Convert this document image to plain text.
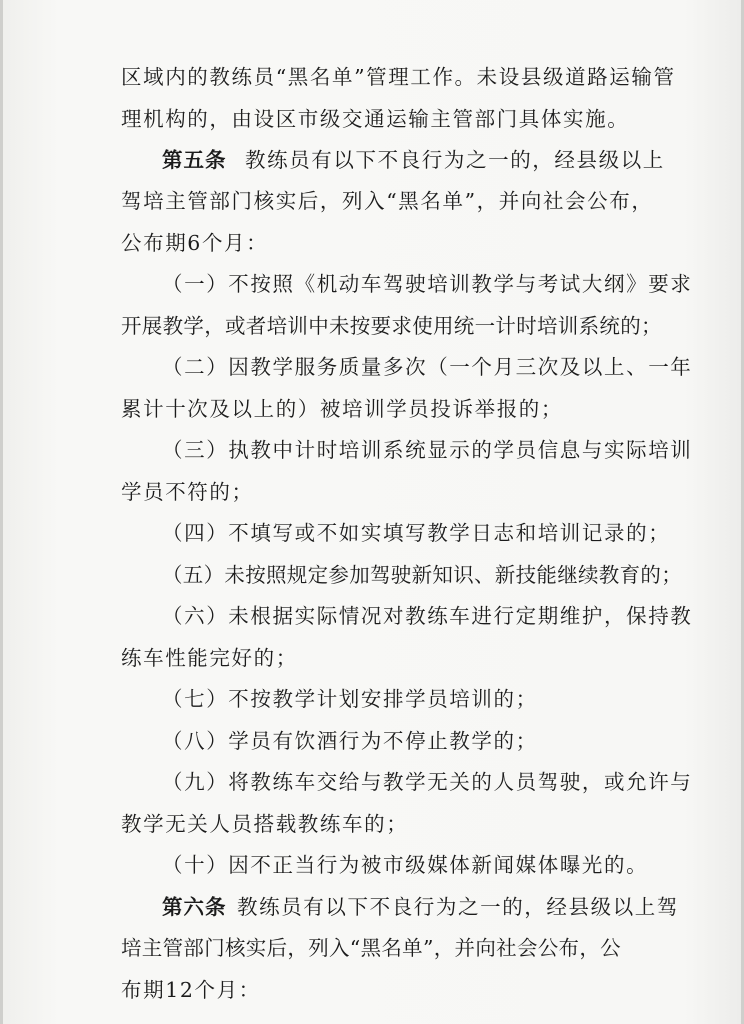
区域内的教练员“黑名单”管理工作。未设县级道路运输管
理机构的，由设区市级交通运输主管部门具体实施。
第五条 教练员有以下不良行为之一的，经县级以上
驾培主管部门核实后，列入“黑名单”，并向社会公布，
公布期6个月：
（一）不按照《机动车驾驶培训教学与考试大纲》要求
开展教学，或者培训中未按要求使用统一计时培训系统的；
（二）因教学服务质量多次（一个月三次及以上、一年
累计十次及以上的）被培训学员投诉举报的；
（三）执教中计时培训系统显示的学员信息与实际培训
学员不符的；
（四）不填写或不如实填写教学日志和培训记录的；
（五）未按照规定参加驾驶新知识、新技能继续教育的；
（六）未根据实际情况对教练车进行定期维护，保持教
练车性能完好的；
（七）不按教学计划安排学员培训的；
（八）学员有饮酒行为不停止教学的；
（九）将教练车交给与教学无关的人员驾驶，或允许与
教学无关人员搭载教练车的；
（十）因不正当行为被市级媒体新闻媒体曝光的。
第六条 教练员有以下不良行为之一的，经县级以上驾
培主管部门核实后，列入“黑名单”，并向社会公布，公
布期12个月：
